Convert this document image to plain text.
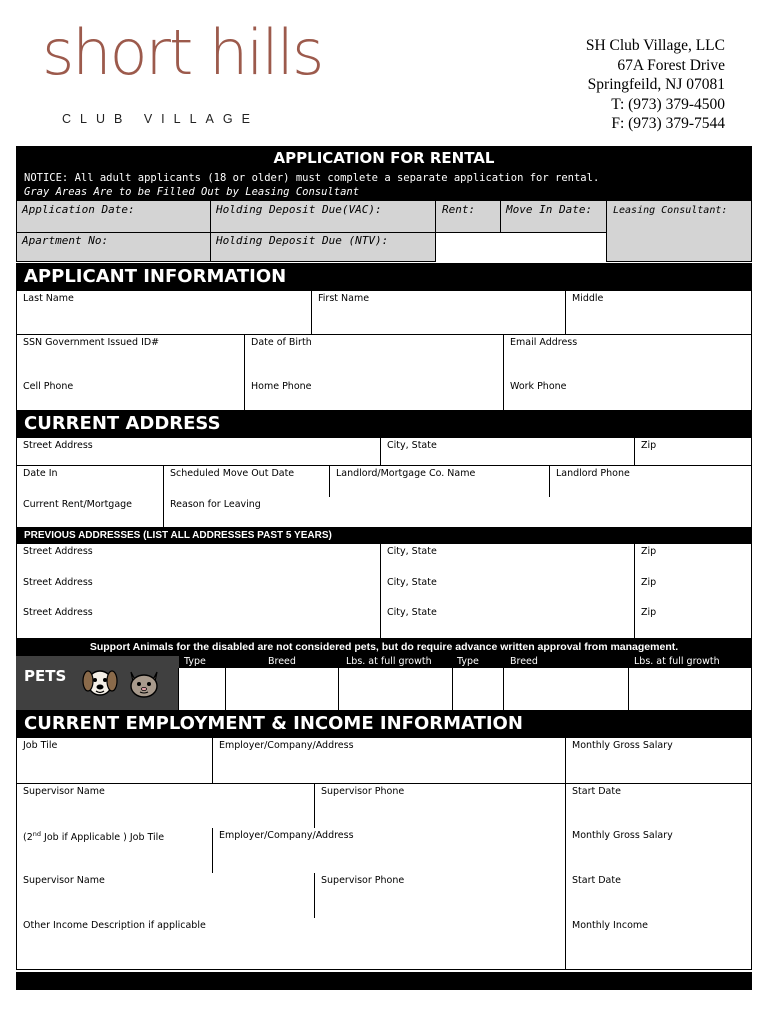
short hills
CLUB VILLAGE
SH Club Village, LLC
67A Forest Drive
Springfeild, NJ 07081
T: (973) 379-4500
F: (973) 379-7544
APPLICATION FOR RENTAL
NOTICE: All adult applicants (18 or older) must complete a separate application for rental.
Gray Areas Are to be Filled Out by Leasing Consultant
Application Date:	Holding Deposit Due(VAC):	Rent:	Move In Date: Leasing Consultant:
Apartment No:	Holding Deposit Due (NTV):
APPLICANT INFORMATION
Last Name	First Name	Middle
SSN Government Issued ID#	Date of Birth	Email Address
Cell Phone	Home Phone	Work Phone
CURRENT ADDRESS
Street Address	City, State	Zip
Date In	Scheduled Move Out Date	Landlord/Mortgage Co. Name	Landlord Phone
Current Rent/Mortgage	Reason for Leaving
PREVIOUS ADDRESSES (LIST ALL ADDRESSES PAST 5 YEARS)
Street Address	City, State	Zip
Street Address	City, State	Zip
Street Address	City, State	Zip
Support Animals for the disabled are not considered pets, but do require advance written approval from management.
Type	Breed	Lbs. at full growth	Type	Breed	Lbs. at full growth
PETS
CURRENT EMPLOYMENT & INCOME INFORMATION
Job Tile	Employer/Company/Address	Monthly Gross Salary
Supervisor Name	Supervisor Phone	Start Date
(2nd Job if Applicable ) Job Tile	Employer/Company/Address	Monthly Gross Salary
Supervisor Name	Supervisor Phone	Start Date
Other Income Description if applicable	Monthly Income
